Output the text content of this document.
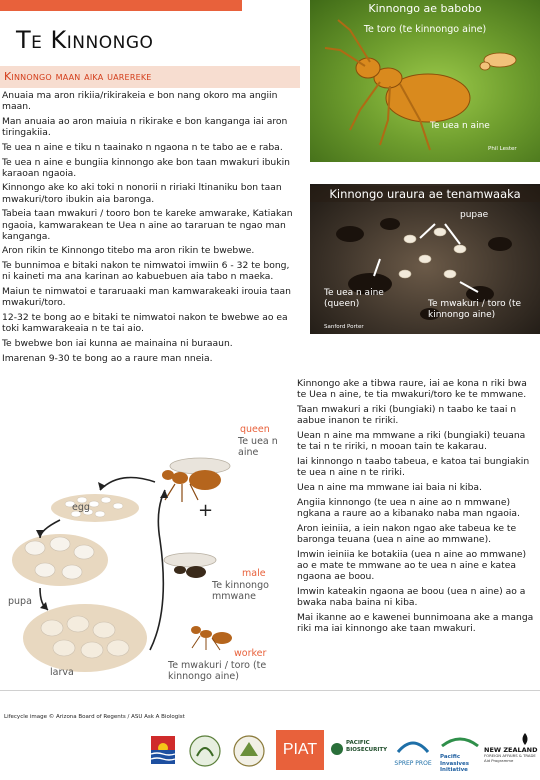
Te Kinnongo
Kinnongo maan aika uarereke

Anuaia ma aron rikiia/rikirakeia e bon nang okoro ma angiin maan.

Man anuaia ao aron maiuia n rikirake e bon kanganga iai aron tiringakiia.

Te uea n aine e tiku n taainako n ngaona n te tabo ae e raba.

Te uea n aine e bungiia kinnongo ake bon taan mwakuri ibukin karaoan ngaoia.

Kinnongo ake ko aki toki n nonorii n ririaki ltinaniku bon taan mwakuri/toro ibukin aia baronga.

Tabeia taan mwakuri / tooro bon te kareke amwarake, Katiakan ngaoia, kamwarakean te Uea n aine ao tararuan te ngao man kanganga.

Aron rikin te Kinnongo titebo ma aron rikin te bwebwe.

Te bunnimoa e bitaki nakon te nimwatoi imwiin 6 - 32 te bong, ni kaineti ma ana karinan ao kabuebuen aia tabo n maeka.

Maiun te nimwatoi e tararuaaki man kamwarakeaki irouia taan mwakuri/toro.

12-32 te bong ao e bitaki te nimwatoi nakon te bwebwe ao ea toki kamwarakeaia n te tai aio.

Te bwebwe bon iai kunna ae mainaina ni buraaun.

Imarenan 9-30 te bong ao a raure man nneia.

Kinnongo ae babobo
Te toro (te kinnongo aine)
Te uea n aine
Phil Lester
pupae
Te uea n aine (queen)	Te mwakuri / toro (te kinnongo aine)
Sanford Porter
Kinnongo uraura ae tenamwaaka
queen
Te uea n aine
egg	+
male
Te kinnongo mmwane
pupa
worker
Te mwakuri / toro (te kinnongo aine)
larva

Kinnongo ake a tibwa raure, iai ae kona n riki bwa te Uea n aine, te tia mwakuri/toro ke te mmwane.

Taan mwakuri a riki (bungiaki) n taabo ke taai n aabue inanon te ririki.

Uean n aine ma mmwane a riki (bungiaki) teuana te tai n te ririki, n mooan tain te kakarau.

Iai kinnongo n taabo tabeua, e katoa tai bungiakin te uea n aine n te ririki.

Uea n aine ma mmwane iai baia ni kiba.

Angiia kinnongo (te uea n aine ao n mmwane) ngkana a raure ao a kibanako naba man ngaoia.

Aron ieiniia, a iein nakon ngao ake tabeua ke te baronga teuana (uea n aine ao mmwane).

Imwin ieiniia ke botakiia (uea n aine ao mmwane) ao e mate te mmwane ao te uea n aine e katea ngaona ae boou.

Imwin kateakin ngaona ae boou (uea n aine) ao a bwaka naba baina ni kiba.

Mai ikanne ao e kawenei bunnimoana ake a manga riki ma iai kinnongo ake taan mwakuri.

Lifecycle image © Arizona Board of Regents / ASU Ask A Biologist
PIAT	PACIFIC BIOSECURITY
SPREP PROE
Pacific Invasives Initiative
NEW ZEALAND
FOREIGN AFFAIRS & TRADE Aid Programme
